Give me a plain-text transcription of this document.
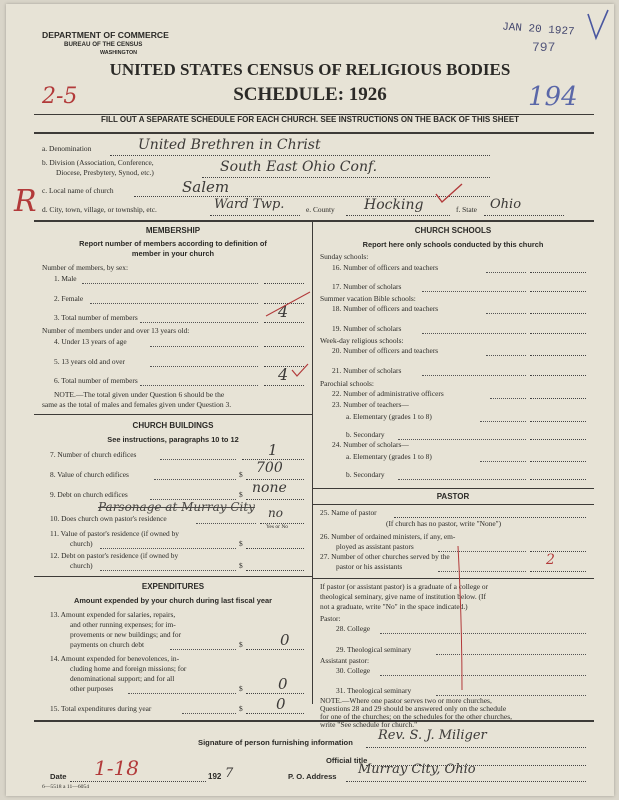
DEPARTMENT OF COMMERCE
BUREAU OF THE CENSUS
WASHINGTON
UNITED STATES CENSUS OF RELIGIOUS BODIES
SCHEDULE: 1926
JAN 20 1927
797
2-5	194
FILL OUT A SEPARATE SCHEDULE FOR EACH CHURCH. SEE INSTRUCTIONS ON THE BACK OF THIS SHEET
R
a. Denomination	United Brethren in Christ
b. Division (Association, Conference,
Diocese, Presbytery, Synod, etc.)	South East Ohio Conf.
c. Local name of church	Salem
d. City, town, village, or township, etc.	Ward Twp.	e. County Hocking	f. State Ohio
MEMBERSHIP
Report number of members according to definition of
member in your church
Number of members, by sex:
1. Male
2. Female
3. Total number of members	4
Number of members under and over 13 years old:
4. Under 13 years of age
5. 13 years old and over
6. Total number of members	4
NOTE.—The total given under Question 6 should be the
same as the total of males and females given under Question 3.
CHURCH BUILDINGS
See instructions, paragraphs 10 to 12
7. Number of church edifices	1
8. Value of church edifices	$ 700
9. Debt on church edifices	$ none
Parsonage at Murray City
10. Does church own pastor's residence	no
Yes or No
11. Value of pastor's residence (if owned by
church)	$
12. Debt on pastor's residence (if owned by
church)	$
EXPENDITURES
Amount expended by your church during last fiscal year
13. Amount expended for salaries, repairs,
and other running expenses; for im-
provements or new buildings; and for
payments on church debt	$ 0
14. Amount expended for benevolences, in-
cluding home and foreign missions; for
denominational support; and for all
other purposes	$ 0
15. Total expenditures during year	$ 0
CHURCH SCHOOLS
Report here only schools conducted by this church
Sunday schools:
16. Number of officers and teachers
17. Number of scholars
Summer vacation Bible schools:
18. Number of officers and teachers
19. Number of scholars
Week-day religious schools:
20. Number of officers and teachers
21. Number of scholars
Parochial schools:
22. Number of administrative officers
23. Number of teachers—
a. Elementary (grades 1 to 8)
b. Secondary
24. Number of scholars—
a. Elementary (grades 1 to 8)
b. Secondary
PASTOR
25. Name of pastor
(If church has no pastor, write "None")
26. Number of ordained ministers, if any, em-
ployed as assistant pastors
27. Number of other churches served by the
pastor or his assistants	2
If pastor (or assistant pastor) is a graduate of a college or
theological seminary, give name of institution below. (If
not a graduate, write "No" in the space indicated.)
Pastor:
28. College
29. Theological seminary
Assistant pastor:
30. College
31. Theological seminary
NOTE.—Where one pastor serves two or more churches,
Questions 28 and 29 should be answered only on the schedule
for one of the churches; on the schedules for the other churches,
write "See schedule for church."
Signature of person furnishing information Rev. S. J. Miliger
Official title
Date 1-18	192 7	P. O. Address Murray City, Ohio
6—5518 a 11—6054
